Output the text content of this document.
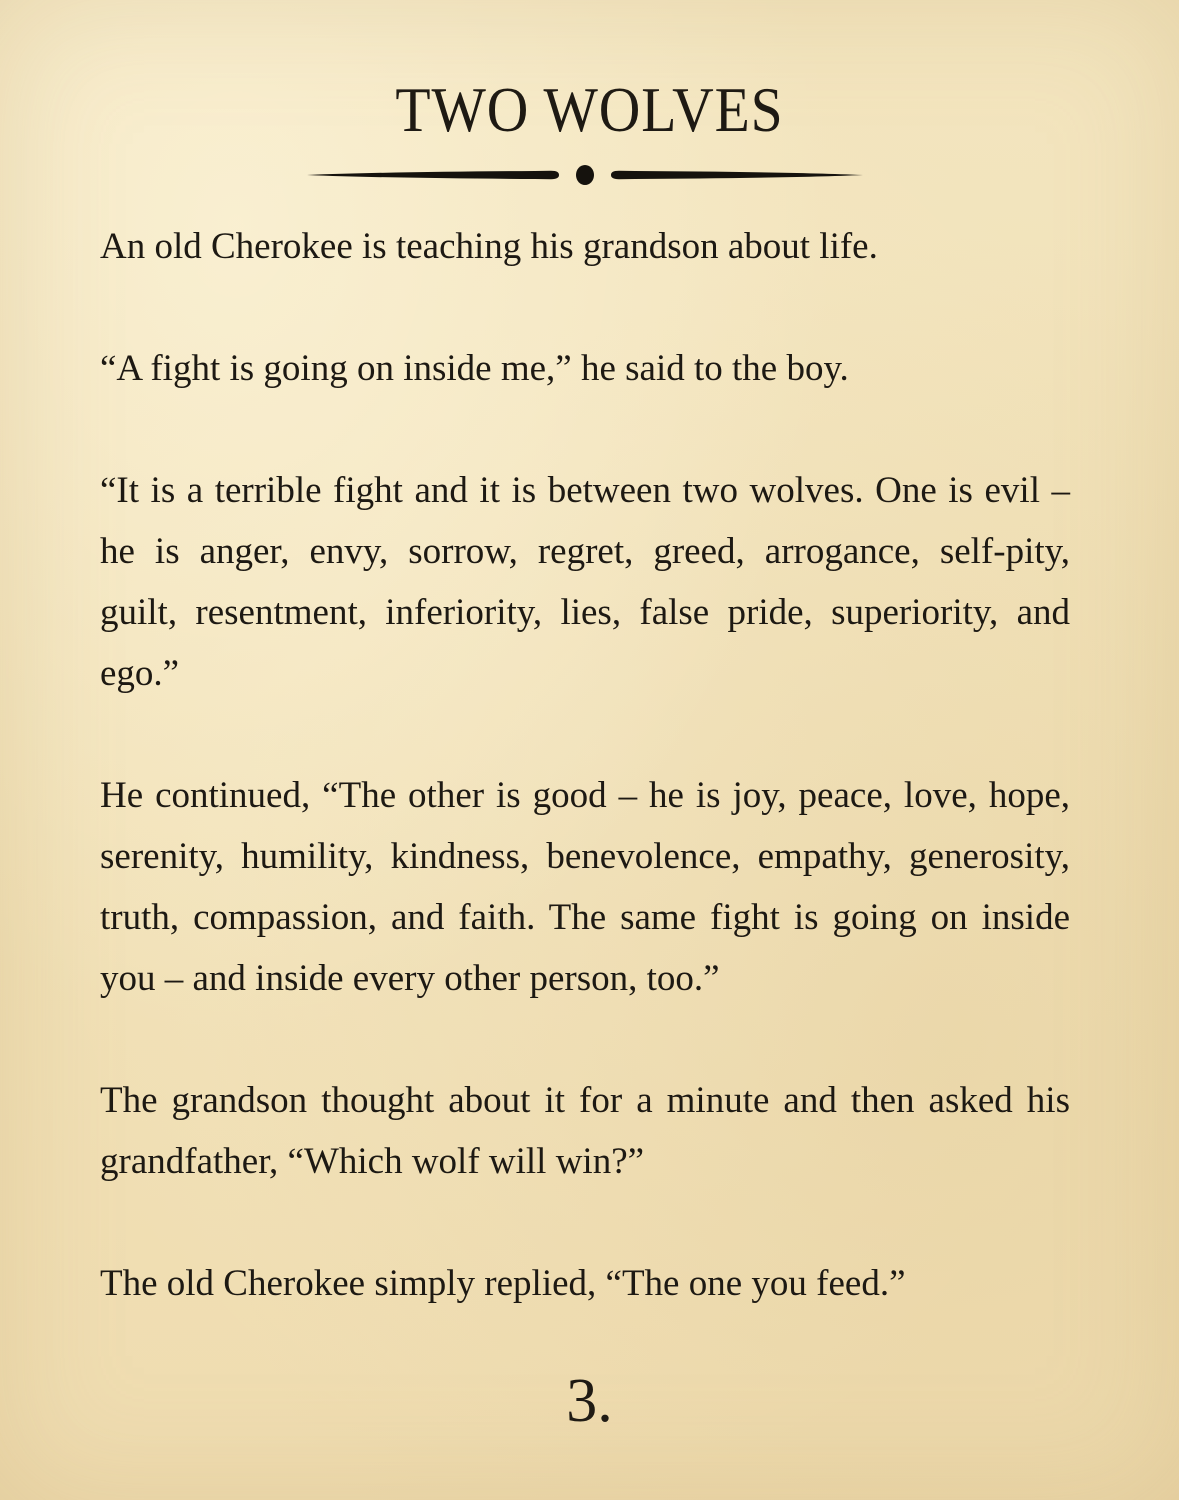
TWO WOLVES

An old Cherokee is teaching his grandson about life.

“A fight is going on inside me,” he said to the boy.

“It is a terrible fight and it is between two wolves. One is evil – he is anger, envy, sorrow, regret, greed, arrogance, self-pity, guilt, resentment, inferiority, lies, false pride, superiority, and ego.”

He continued, “The other is good – he is joy, peace, love, hope, serenity, humility, kindness, benevolence, empathy, generosity, truth, compassion, and faith. The same fight is going on inside you – and inside every other person, too.”

The grandson thought about it for a minute and then asked his grandfather, “Which wolf will win?”

The old Cherokee simply replied, “The one you feed.”

3.
